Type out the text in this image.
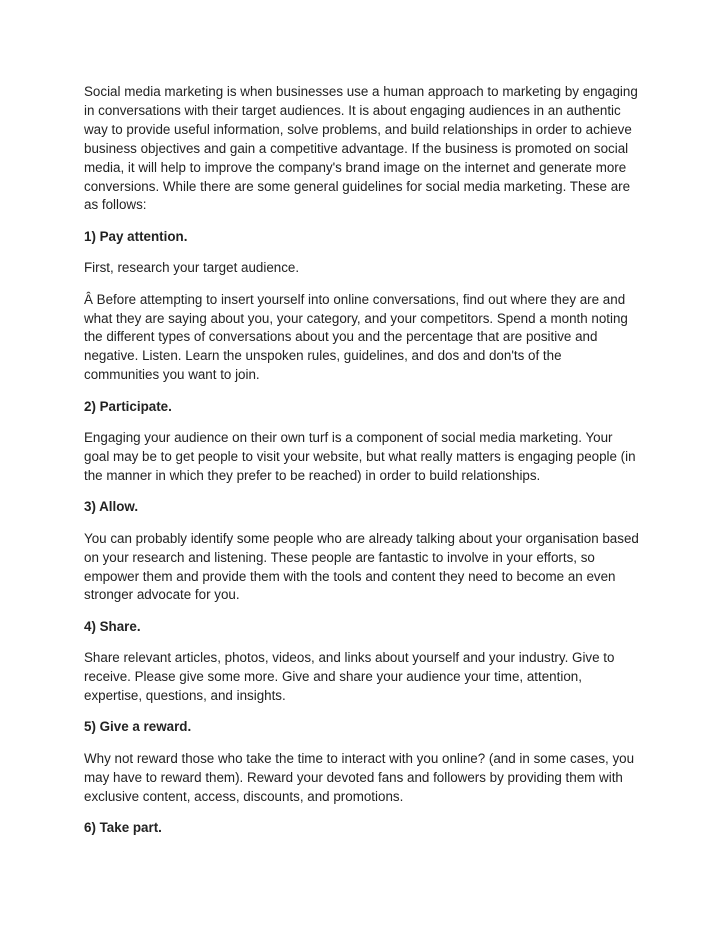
Social media marketing is when businesses use a human approach to marketing by engaging in conversations with their target audiences. It is about engaging audiences in an authentic way to provide useful information, solve problems, and build relationships in order to achieve business objectives and gain a competitive advantage. If the business is promoted on social media, it will help to improve the company's brand image on the internet and generate more conversions. While there are some general guidelines for social media marketing. These are as follows:

1) Pay attention.

First, research your target audience.

Â Before attempting to insert yourself into online conversations, find out where they are and what they are saying about you, your category, and your competitors. Spend a month noting the different types of conversations about you and the percentage that are positive and negative. Listen. Learn the unspoken rules, guidelines, and dos and don'ts of the communities you want to join.

2) Participate.

Engaging your audience on their own turf is a component of social media marketing. Your goal may be to get people to visit your website, but what really matters is engaging people (in the manner in which they prefer to be reached) in order to build relationships.

3) Allow.

You can probably identify some people who are already talking about your organisation based on your research and listening. These people are fantastic to involve in your efforts, so empower them and provide them with the tools and content they need to become an even stronger advocate for you.

4) Share.

Share relevant articles, photos, videos, and links about yourself and your industry. Give to receive. Please give some more. Give and share your audience your time, attention, expertise, questions, and insights.

5) Give a reward.

Why not reward those who take the time to interact with you online? (and in some cases, you may have to reward them). Reward your devoted fans and followers by providing them with exclusive content, access, discounts, and promotions.

6) Take part.
